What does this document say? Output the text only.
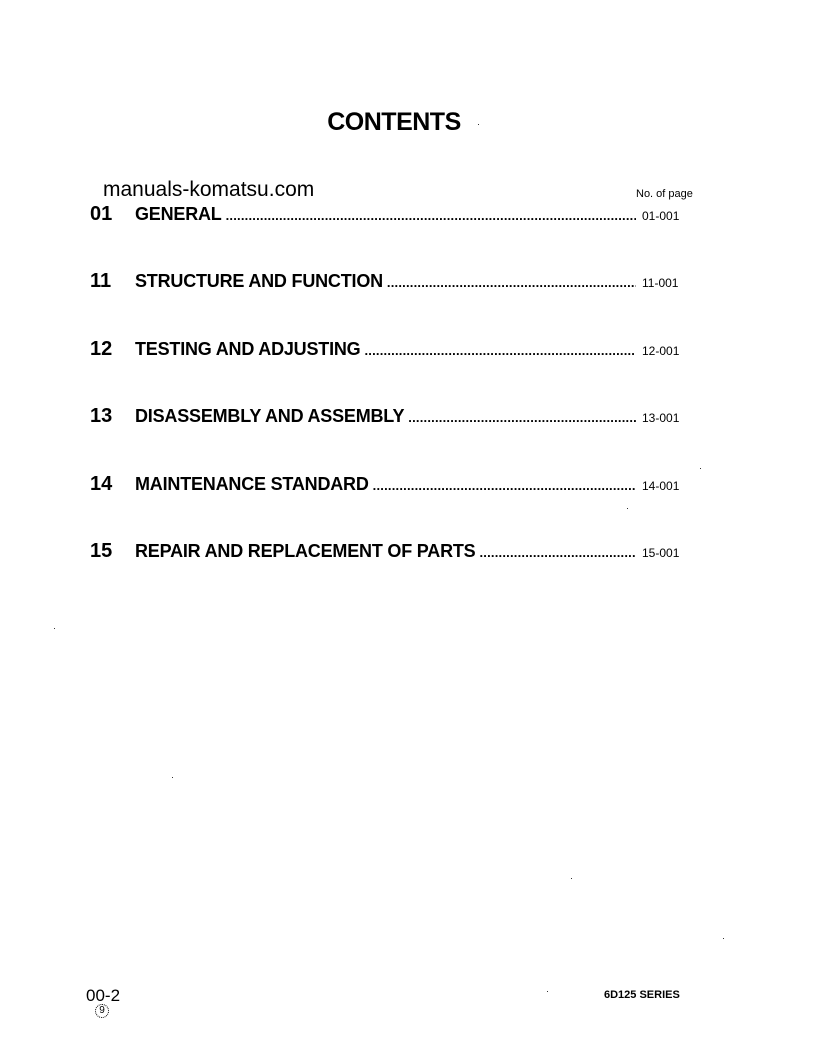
CONTENTS
manuals-komatsu.com	No. of page
01	GENERAL .....	01-001
11	STRUCTURE AND FUNCTION .....	11-001
12	TESTING AND ADJUSTING .....	12-001
13	DISASSEMBLY AND ASSEMBLY .....	13-001
14	MAINTENANCE STANDARD .....	14-001
15	REPAIR AND REPLACEMENT OF PARTS .....	15-001
00-2
9
6D125 SERIES
